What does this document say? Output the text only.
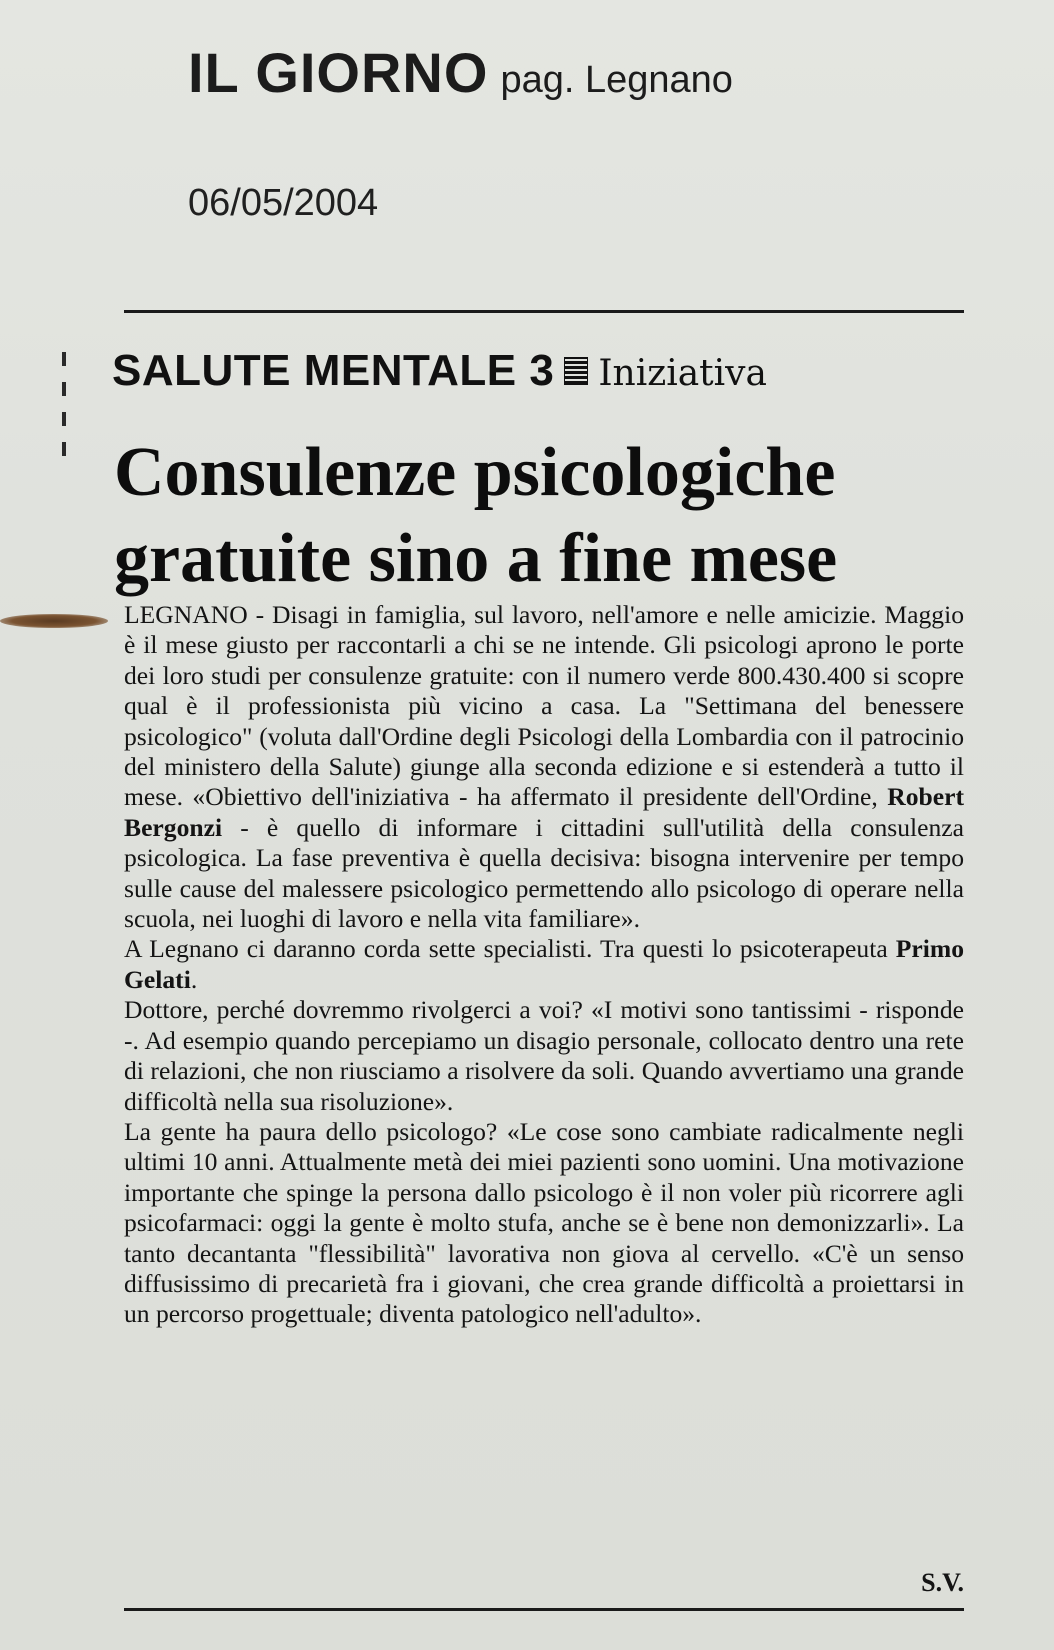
IL GIORNO pag. Legnano
06/05/2004
SALUTE MENTALE 3 Iniziativa
Consulenze psicologiche
gratuite sino a fine mese

LEGNANO - Disagi in famiglia, sul lavoro, nell'amore e nelle amicizie. Maggio è il mese giusto per raccontarli a chi se ne intende. Gli psicologi aprono le porte dei loro studi per consulenze gratuite: con il numero verde 800.430.400 si scopre qual è il professionista più vicino a casa. La "Settimana del benessere psicologico" (voluta dall'Ordine degli Psicologi della Lombardia con il patrocinio del ministero della Salute) giunge alla seconda edizione e si estenderà a tutto il mese. «Obiettivo dell'iniziativa - ha affermato il presidente dell'Ordine, Robert Bergonzi - è quello di informare i cittadini sull'utilità della consulenza psicologica. La fase preventiva è quella decisiva: bisogna intervenire per tempo sulle cause del malessere psicologico permettendo allo psicologo di operare nella scuola, nei luoghi di lavoro e nella vita familiare».

A Legnano ci daranno corda sette specialisti. Tra questi lo psicoterapeuta Primo Gelati.

Dottore, perché dovremmo rivolgerci a voi? «I motivi sono tantissimi - risponde -. Ad esempio quando percepiamo un disagio personale, collocato dentro una rete di relazioni, che non riusciamo a risolvere da soli. Quando avvertiamo una grande difficoltà nella sua risoluzione».

La gente ha paura dello psicologo? «Le cose sono cambiate radicalmente negli ultimi 10 anni. Attualmente metà dei miei pazienti sono uomini. Una motivazione importante che spinge la persona dallo psicologo è il non voler più ricorrere agli psicofarmaci: oggi la gente è molto stufa, anche se è bene non demonizzarli». La tanto decantanta "flessibilità" lavorativa non giova al cervello. «C'è un senso diffusissimo di precarietà fra i giovani, che crea grande difficoltà a proiettarsi in un percorso progettuale; diventa patologico nell'adulto».

S.V.
